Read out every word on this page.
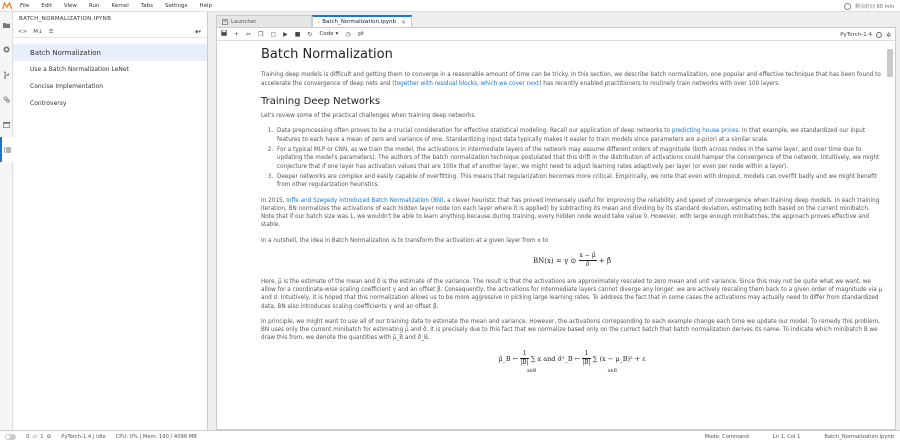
File	Edit	View	Run	Kernel	Tabs	Settings	Help	剩余时间 60 min
BATCH_NORMALIZATION.IPYNB
<> M↓ ☰	⬥▾
Batch Normalization
Use a Batch Normalization LeNet
Concise Implementation
Controversy
Launcher	Batch_Normalization.ipynb ×
+ ✂ ❐ ▢ ▶ ■ ↻ Code ▾ ◷ git	PyTorch-1.4 ✲
Batch Normalization

Training deep models is difficult and getting them to converge in a reasonable amount of time can be tricky. In this section, we describe batch normalization, one popular and effective technique that has been found to accelerate the convergence of deep nets and (together with residual blocks, which we cover next) has recently enabled practitioners to routinely train networks with over 100 layers.

Training Deep Networks

Let's review some of the practical challenges when training deep networks.

1. Data preprocessing often proves to be a crucial consideration for effective statistical modeling. Recall our application of deep networks to predicting house prices. In that example, we standardized our input features to each have a mean of zero and variance of one. Standardizing input data typically makes it easier to train models since parameters are a-priori at a similar scale.
2. For a typical MLP or CNN, as we train the model, the activations in intermediate layers of the network may assume different orders of magnitude (both across nodes in the same layer, and over time due to updating the model's parameters). The authors of the batch normalization technique postulated that this drift in the distribution of activations could hamper the convergence of the network. Intuitively, we might conjecture that if one layer has activation values that are 100x that of another layer, we might need to adjust learning rates adaptively per layer (or even per node within a layer).
3. Deeper networks are complex and easily capable of overfitting. This means that regularization becomes more critical. Empirically, we note that even with dropout, models can overfit badly and we might benefit from other regularization heuristics.

In 2015, Ioffe and Szegedy introduced Batch Normalization (BN), a clever heuristic that has proved immensely useful for improving the reliability and speed of convergence when training deep models. In each training iteration, BN normalizes the activations of each hidden layer node (on each layer where it is applied) by subtracting its mean and dividing by its standard deviation, estimating both based on the current minibatch. Note that if our batch size was 1, we wouldn't be able to learn anything because during training, every hidden node would take value 0. However, with large enough minibatches, the approach proves effective and stable.

In a nutshell, the idea in Batch Normalization is to transform the activation at a given layer from x to

BN(x) = γ ⊙ $\frac{x - \mû}{\sigmâ}$ + β̂

Here, μ̂ is the estimate of the mean and σ̂ is the estimate of the variance. The result is that the activations are approximately rescaled to zero mean and unit variance. Since this may not be quite what we want, we allow for a coordinate-wise scaling coefficient γ and an offset β. Consequently, the activations for intermediate layers cannot diverge any longer: we are actively rescaling them back to a given order of magnitude via μ and σ. Intuitively, it is hoped that this normalization allows us to be more aggressive in picking large learning rates. To address the fact that in some cases the activations may actually need to differ from standardized data, BN also introduces scaling coefficients γ and an offset β.

In principle, we might want to use all of our training data to estimate the mean and variance. However, the activations correpsonding to each example change each time we update our model. To remedy this problem, BN uses only the current minibatch for estimating μ̂ and σ̂. It is precisely due to this fact that we normalize based only on the currect batch that batch normalization derives its name. To indicate which minibatch B we draw this from, we denote the quantities with μ̂_B and σ̂_B.

μ̂_B ← $\frac{1}{|B|}$ ∑ x and σ̂²_B ← $\frac{1}{|B|}$ ∑ (x − μ_B)² + ε
x∈B	x∈B
0 ▭ 1 ⚙ PyTorch-1.4 | Idle CPU: 0% | Mem: 190 / 4096 MB	Mode: Command	Ln 1, Col 1	Batch_Normalization.ipynb
